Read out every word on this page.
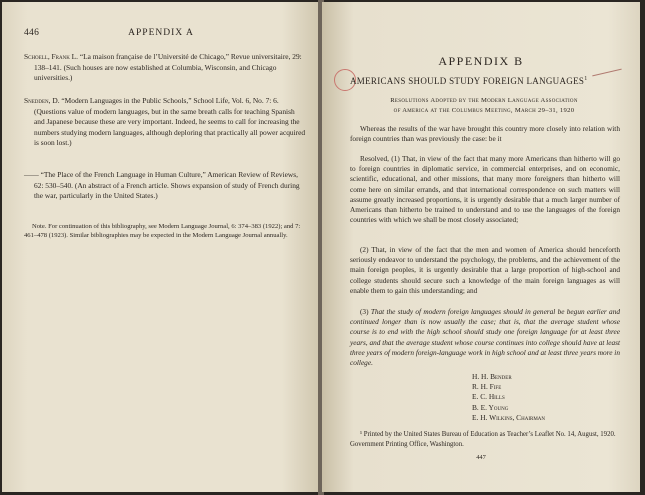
446	APPENDIX A
Schoell, Frank L. “La maison française de l’Université de Chicago,” Revue universitaire, 29: 138–141. (Such houses are now established at Columbia, Wisconsin, and Chicago universities.)
Snedden, D. “Modern Languages in the Public Schools,” School Life, Vol. 6, No. 7: 6. (Questions value of modern languages, but in the same breath calls for teaching Spanish and Japanese because these are very important. Indeed, he seems to call for increasing the numbers studying modern languages, although deploring that practically all power acquired is soon lost.)
—— “The Place of the French Language in Human Culture,” American Review of Reviews, 62: 530–540. (An abstract of a French article. Shows expansion of study of French during the war, particularly in the United States.)
Note. For continuation of this bibliography, see Modern Language Journal, 6: 374–383 (1922); and 7: 461–478 (1923). Similar bibliographies may be expected in the Modern Language Journal annually.
APPENDIX B
AMERICANS SHOULD STUDY FOREIGN LANGUAGES$^1$
Resolutions Adopted by the Modern Language Association
of America at the Columbus Meeting, March 29–31, 1920
Whereas the results of the war have brought this country more closely into relation with foreign countries than was previously the case: be it
Resolved, (1) That, in view of the fact that many more Americans than hitherto will go to foreign countries in diplomatic service, in commercial enterprises, and on economic, scientific, educational, and other missions, that many more foreigners than hitherto will come here on similar errands, and that international correspondence on such matters will assume greatly increased proportions, it is urgently desirable that a much larger number of Americans than hitherto be trained to understand and to use the languages of the foreign countries with which we shall be most closely associated;
(2) That, in view of the fact that the men and women of America should henceforth seriously endeavor to understand the psychology, the problems, and the achievement of the main foreign peoples, it is urgently desirable that a large proportion of high-school and college students should secure such a knowledge of the main foreign languages as will enable them to gain this understanding; and
(3) That the study of modern foreign languages should in general be begun earlier and continued longer than is now usually the case; that is, that the average student whose course is to end with the high school should study one foreign language for at least three years, and that the average student whose course continues into college should have at least three years of modern foreign-language work in high school and at least three years more in college.
H. H. Bender
R. H. Fife
E. C. Hills
B. E. Young
E. H. Wilkins, Chairman
¹ Printed by the United States Bureau of Education as Teacher’s Leaflet No. 14, August, 1920. Government Printing Office, Washington.
447
